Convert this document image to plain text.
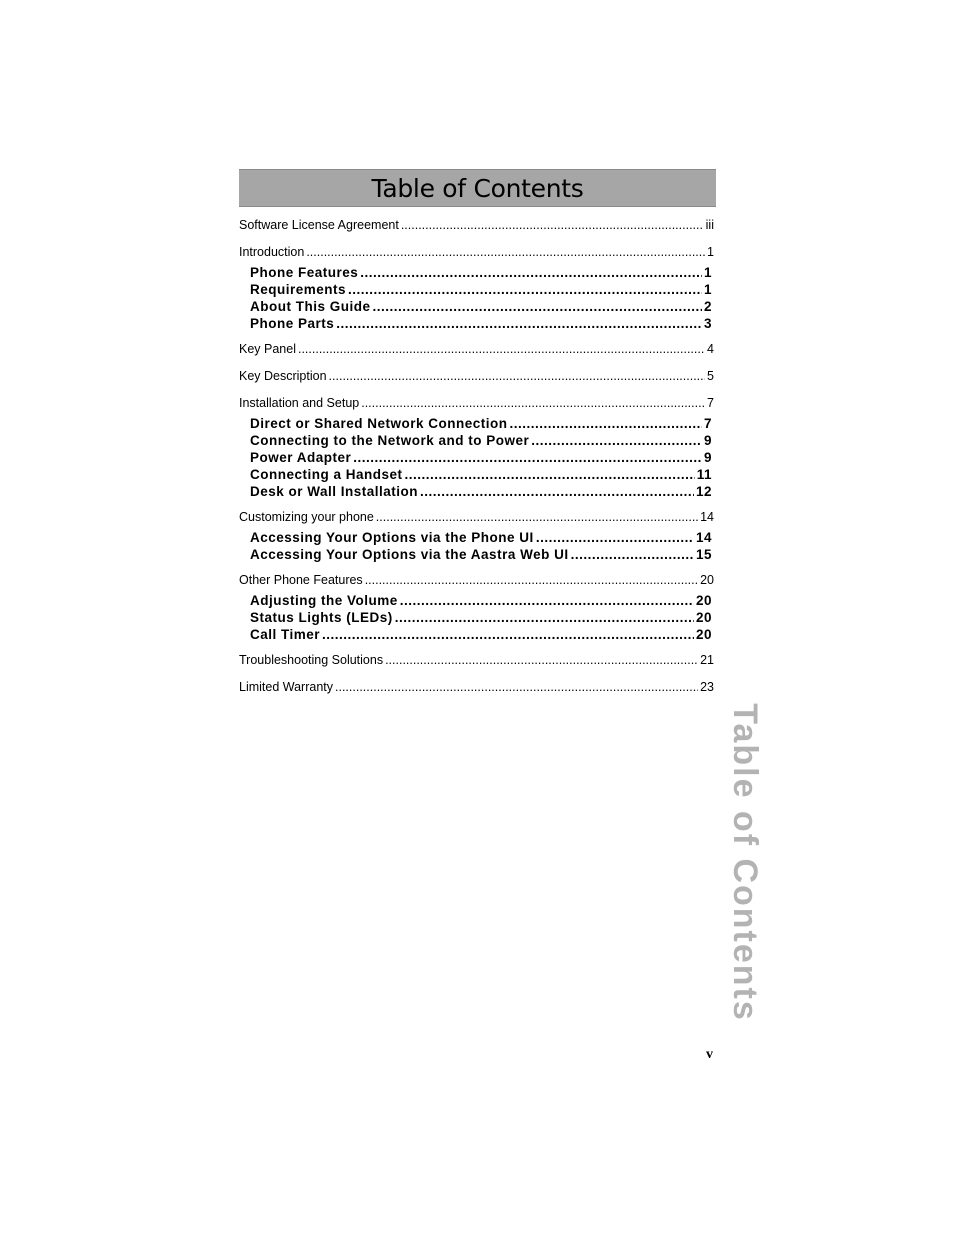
Table of Contents
Software License Agreement .....	iii
Introduction .....	1
Phone Features .....	1
Requirements .....	1
About This Guide .....	2
Phone Parts .....	3
Key Panel .....	4
Key Description .....	5
Installation and Setup .....	7
Direct or Shared Network Connection .....	7
Connecting to the Network and to Power .....	9
Power Adapter .....	9
Connecting a Handset .....	11
Desk or Wall Installation .....	12
Customizing your phone .....	14
Accessing Your Options via the Phone UI .....	14
Accessing Your Options via the Aastra Web UI .....	15
Other Phone Features .....	20
Adjusting the Volume .....	20
Status Lights (LEDs) .....	20
Call Timer .....	20
Troubleshooting Solutions .....	21
Limited Warranty .....	23
Table of Contents
v
